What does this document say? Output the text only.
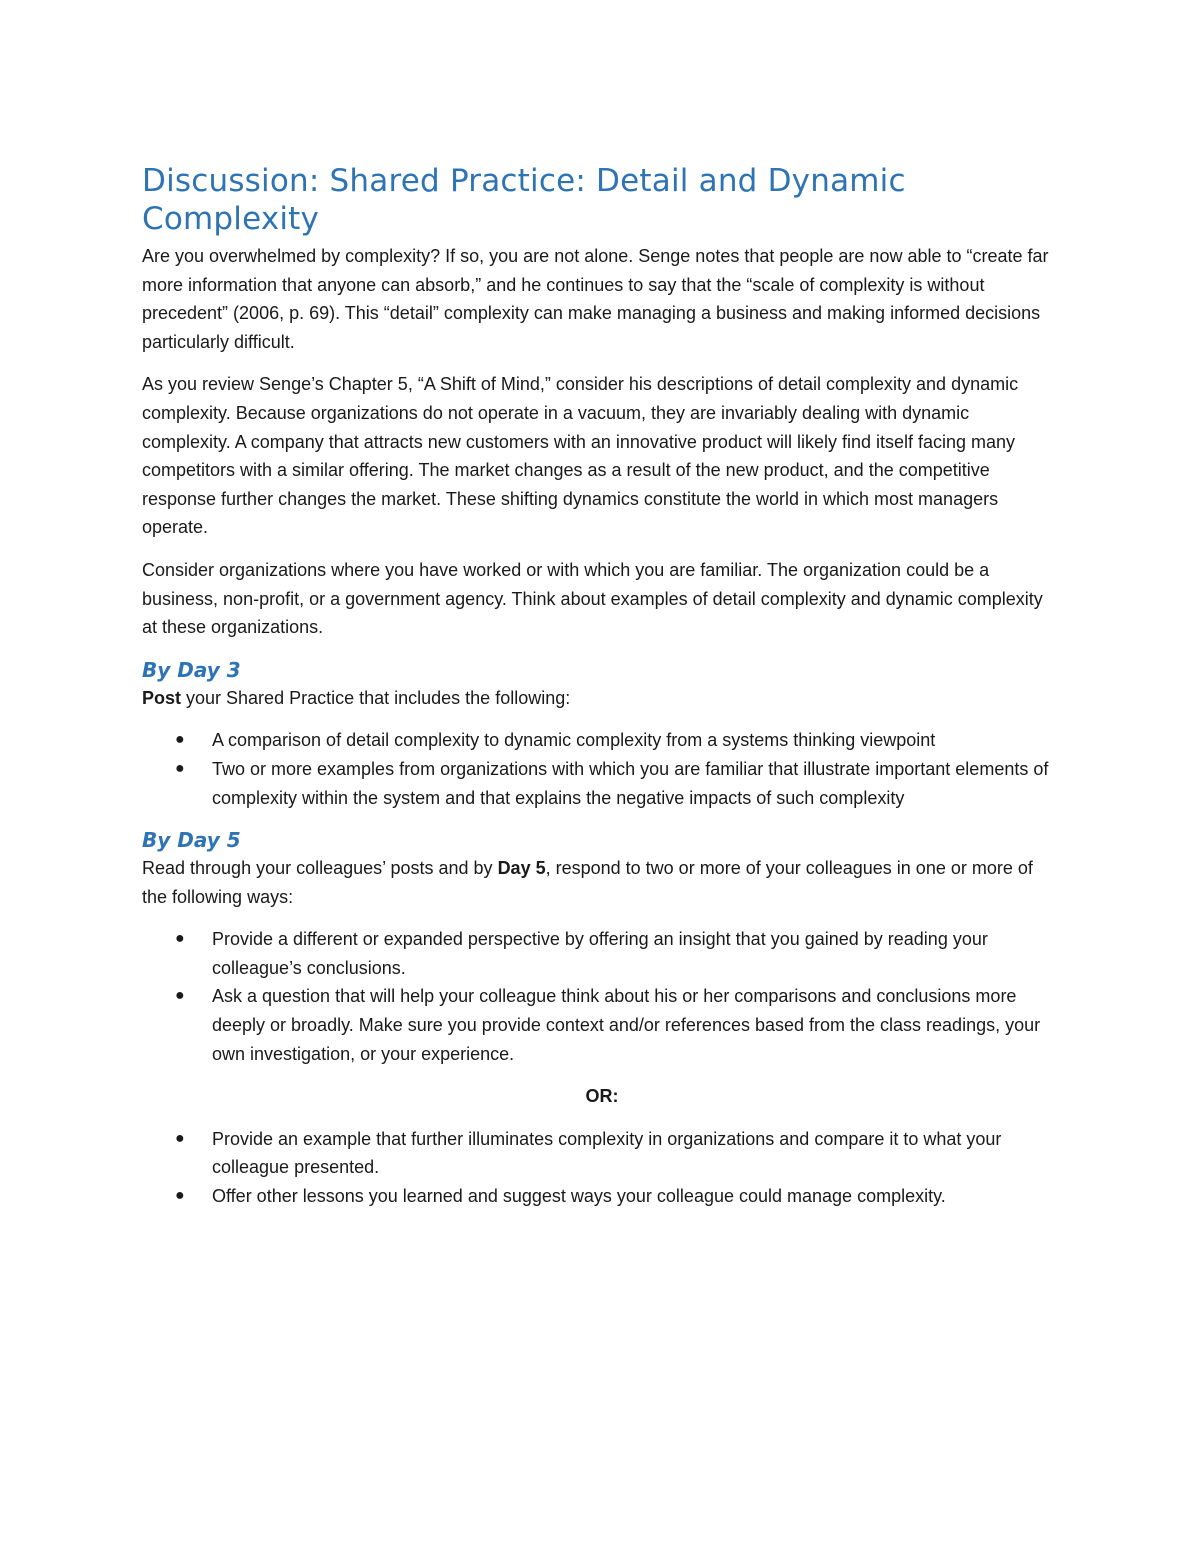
Discussion: Shared Practice: Detail and Dynamic Complexity

Are you overwhelmed by complexity? If so, you are not alone. Senge notes that people are now able to “create far more information that anyone can absorb,” and he continues to say that the “scale of complexity is without precedent” (2006, p. 69). This “detail” complexity can make managing a business and making informed decisions particularly difficult.

As you review Senge’s Chapter 5, “A Shift of Mind,” consider his descriptions of detail complexity and dynamic complexity. Because organizations do not operate in a vacuum, they are invariably dealing with dynamic complexity. A company that attracts new customers with an innovative product will likely find itself facing many competitors with a similar offering. The market changes as a result of the new product, and the competitive response further changes the market. These shifting dynamics constitute the world in which most managers operate.

Consider organizations where you have worked or with which you are familiar. The organization could be a business, non-profit, or a government agency. Think about examples of detail complexity and dynamic complexity at these organizations.

By Day 3

Post your Shared Practice that includes the following:

● A comparison of detail complexity to dynamic complexity from a systems thinking viewpoint
● Two or more examples from organizations with which you are familiar that illustrate important elements of complexity within the system and that explains the negative impacts of such complexity
By Day 5

Read through your colleagues’ posts and by Day 5, respond to two or more of your colleagues in one or more of the following ways:

● Provide a different or expanded perspective by offering an insight that you gained by reading your colleague’s conclusions.
● Ask a question that will help your colleague think about his or her comparisons and conclusions more deeply or broadly. Make sure you provide context and/or references based from the class readings, your own investigation, or your experience.
OR:
● Provide an example that further illuminates complexity in organizations and compare it to what your colleague presented.
● Offer other lessons you learned and suggest ways your colleague could manage complexity.
